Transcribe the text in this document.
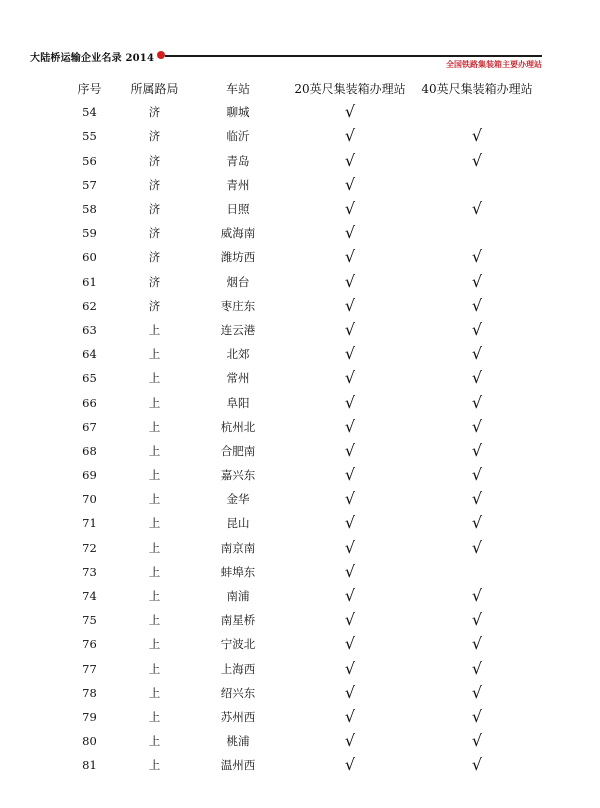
大陆桥运输企业名录 2014	全国铁路集装箱主要办理站
序号	所属路局	车站	20英尺集装箱办理站	40英尺集装箱办理站
54	济	聊城	√	
55	济	临沂	√	√
56	济	青岛	√	√
57	济	青州	√	
58	济	日照	√	√
59	济	威海南	√	
60	济	潍坊西	√	√
61	济	烟台	√	√
62	济	枣庄东	√	√
63	上	连云港	√	√
64	上	北郊	√	√
65	上	常州	√	√
66	上	阜阳	√	√
67	上	杭州北	√	√
68	上	合肥南	√	√
69	上	嘉兴东	√	√
70	上	金华	√	√
71	上	昆山	√	√
72	上	南京南	√	√
73	上	蚌埠东	√	
74	上	南浦	√	√
75	上	南星桥	√	√
76	上	宁波北	√	√
77	上	上海西	√	√
78	上	绍兴东	√	√
79	上	苏州西	√	√
80	上	桃浦	√	√
81	上	温州西	√	√
